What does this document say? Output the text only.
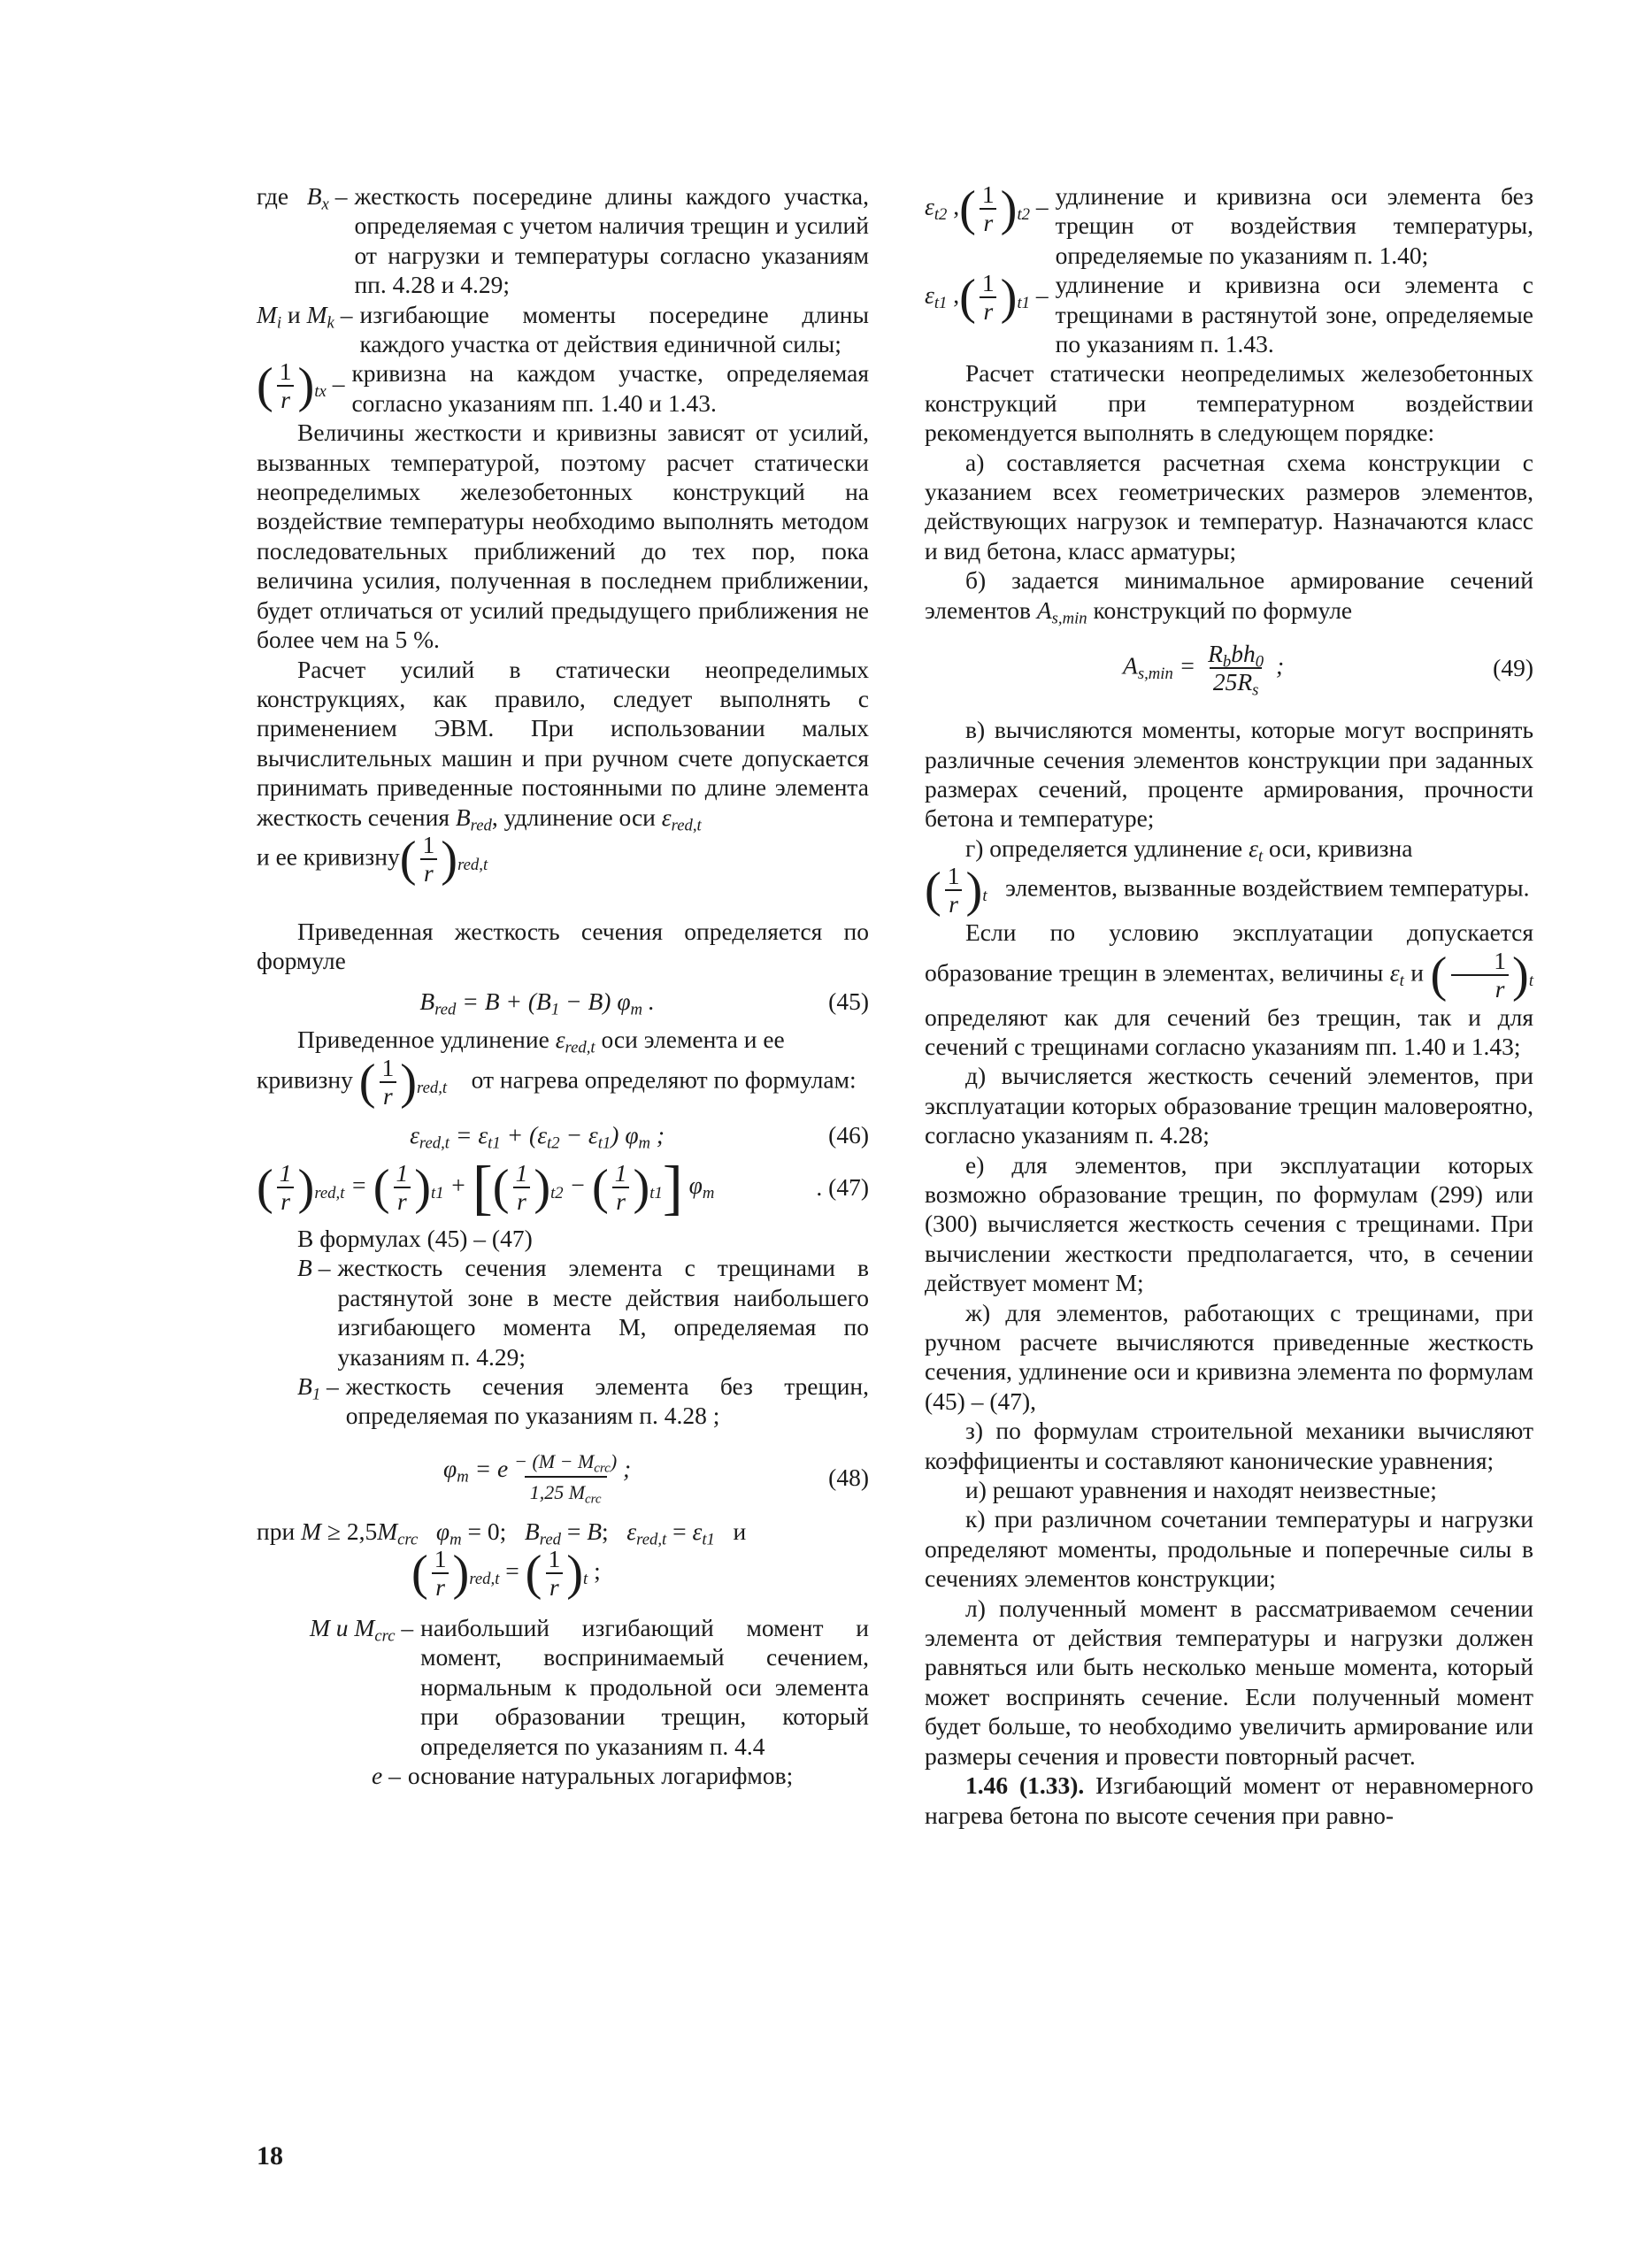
где $B_x$ – жесткость посередине длины каждого участка, определяемая с учетом наличия трещин и усилий от нагрузки и температуры согласно указаниям пп. 4.28 и 4.29;
$M_i$ и $M_k$ – изгибающие моменты посередине длины каждого участка от действия единичной силы;
( $\frac{1}{r} )_{tx}$ – кривизна на каждом участке, определяемая согласно указаниям пп. 1.40 и 1.43.

Величины жесткости и кривизны зависят от усилий, вызванных температурой, поэтому расчет статически неопределимых железобетонных конструкций на воздействие температуры необходимо выполнять методом последовательных приближений до тех пор, пока величина усилия, полученная в последнем приближении, будет отличаться от усилий предыдущего приближения не более чем на 5 %.

Расчет усилий в статически неопределимых конструкциях, как правило, следует выполнять с применением ЭВМ. При использовании малых вычислительных машин и при ручном счете допускается принимать приведенные постоянными по длине элемента жесткость сечения $B_{red}$, удлинение оси $\varepsilon_{red,t}$

и ее кривизну( $\frac{1}{r} )_{red,t}$

Приведенная жесткость сечения определяется по формуле

$B_{red} = B + (B_1 - B)$ $\varphi_m$ .	(45)

Приведенное удлинение $\varepsilon_{red,t}$ оси элемента и ее

кривизну ( $\frac{1}{r} )_{red,t}$ от нагрева определяют по формулам:

$\varepsilon_{red,t} = \varepsilon_{t1} + (\varepsilon_{t2} - \varepsilon_{t1})$ $\varphi_m$ ;	(46)
( $\frac{1}{r} )_{red,t}$ = ( $\frac{1}{r} )_{t1}$ + [( $\frac{1}{r} )_{t2}$ − ( $\frac{1}{r} )_{t1}$] $\varphi_m$	. (47)

В формулах (45) – (47)

B – жесткость сечения элемента с трещинами в растянутой зоне в месте действия наибольшего изгибающего момента M, определяемая по указаниям п. 4.29;
$B_1$ – жесткость сечения элемента без трещин, определяемая по указаниям п. 4.28 ;
$\varphi_m = e - (M - M_{crc})$
1,25 $M_{crc}$
;	(48)

при $M \ge 2,5M_{crc}$ $\varphi_m = 0$;   $B_{red} = B$;   $\varepsilon_{red,t} = \varepsilon_{t1}$   и

( $\frac{1}{r} )_{red,t}$ = ( $\frac{1}{r} )_t$ ;

M и $M_{crc}$ – наибольший изгибающий момент и момент, воспринимаемый сечением, нормальным к продольной оси элемента при образовании трещин, который определяется по указаниям п. 4.4
e – основание натуральных логарифмов;
$\varepsilon_{t2}$ ,( $\frac{1}{r} )_{t2}$ – удлинение и кривизна оси элемента без трещин от воздействия температуры, определяемые по указаниям п. 1.40;
$\varepsilon_{t1}$ ,( $\frac{1}{r} )_{t1}$ – удлинение и кривизна оси элемента с трещинами в растянутой зоне, определяемые по указаниям п. 1.43.

Расчет статически неопределимых железобетонных конструкций при температурном воздействии рекомендуется выполнять в следующем порядке:

а) составляется расчетная схема конструкции с указанием всех геометрических размеров элементов, действующих нагрузок и температур. Назначаются класс и вид бетона, класс арматуры;

б) задается минимальное армирование сечений элементов $A_{s,min}$ конструкций по формуле

$A_{s,min} = \frac{R_bbh_0}{25R_s}$ ;	(49)

в) вычисляются моменты, которые могут воспринять различные сечения элементов конструкции при заданных размерах сечений, проценте армирования, прочности бетона и температуре;

г) определяется удлинение $\varepsilon_t$ оси, кривизна

( $\frac{1}{r} )_t$ элементов, вызванные воздействием температуры.

Если по условию эксплуатации допускается образование трещин в элементах, величины $\varepsilon_t$ и ( $\frac{1}{r} )_t$ определяют как для сечений без трещин, так и для сечений с трещинами согласно указаниям пп. 1.40 и 1.43;

д) вычисляется жесткость сечений элементов, при эксплуатации которых образование трещин маловероятно, согласно указаниям п. 4.28;

е) для элементов, при эксплуатации которых возможно образование трещин, по формулам (299) или (300) вычисляется жесткость сечения с трещинами. При вычислении жесткости предполагается, что, в сечении действует момент M;

ж) для элементов, работающих с трещинами, при ручном расчете вычисляются приведенные жесткость сечения, удлинение оси и кривизна элемента по формулам (45) – (47),

з) по формулам строительной механики вычисляют коэффициенты и составляют канонические уравнения;

и) решают уравнения и находят неизвестные;

к) при различном сочетании температуры и нагрузки определяют моменты, продольные и поперечные силы в сечениях элементов конструкции;

л) полученный момент в рассматриваемом сечении элемента от действия температуры и нагрузки должен равняться или быть несколько меньше момента, который может воспринять сечение. Если полученный момент будет больше, то необходимо увеличить армирование или размеры сечения и провести повторный расчет.

1.46 (1.33). Изгибающий момент от неравномерного нагрева бетона по высоте сечения при равно-

18
